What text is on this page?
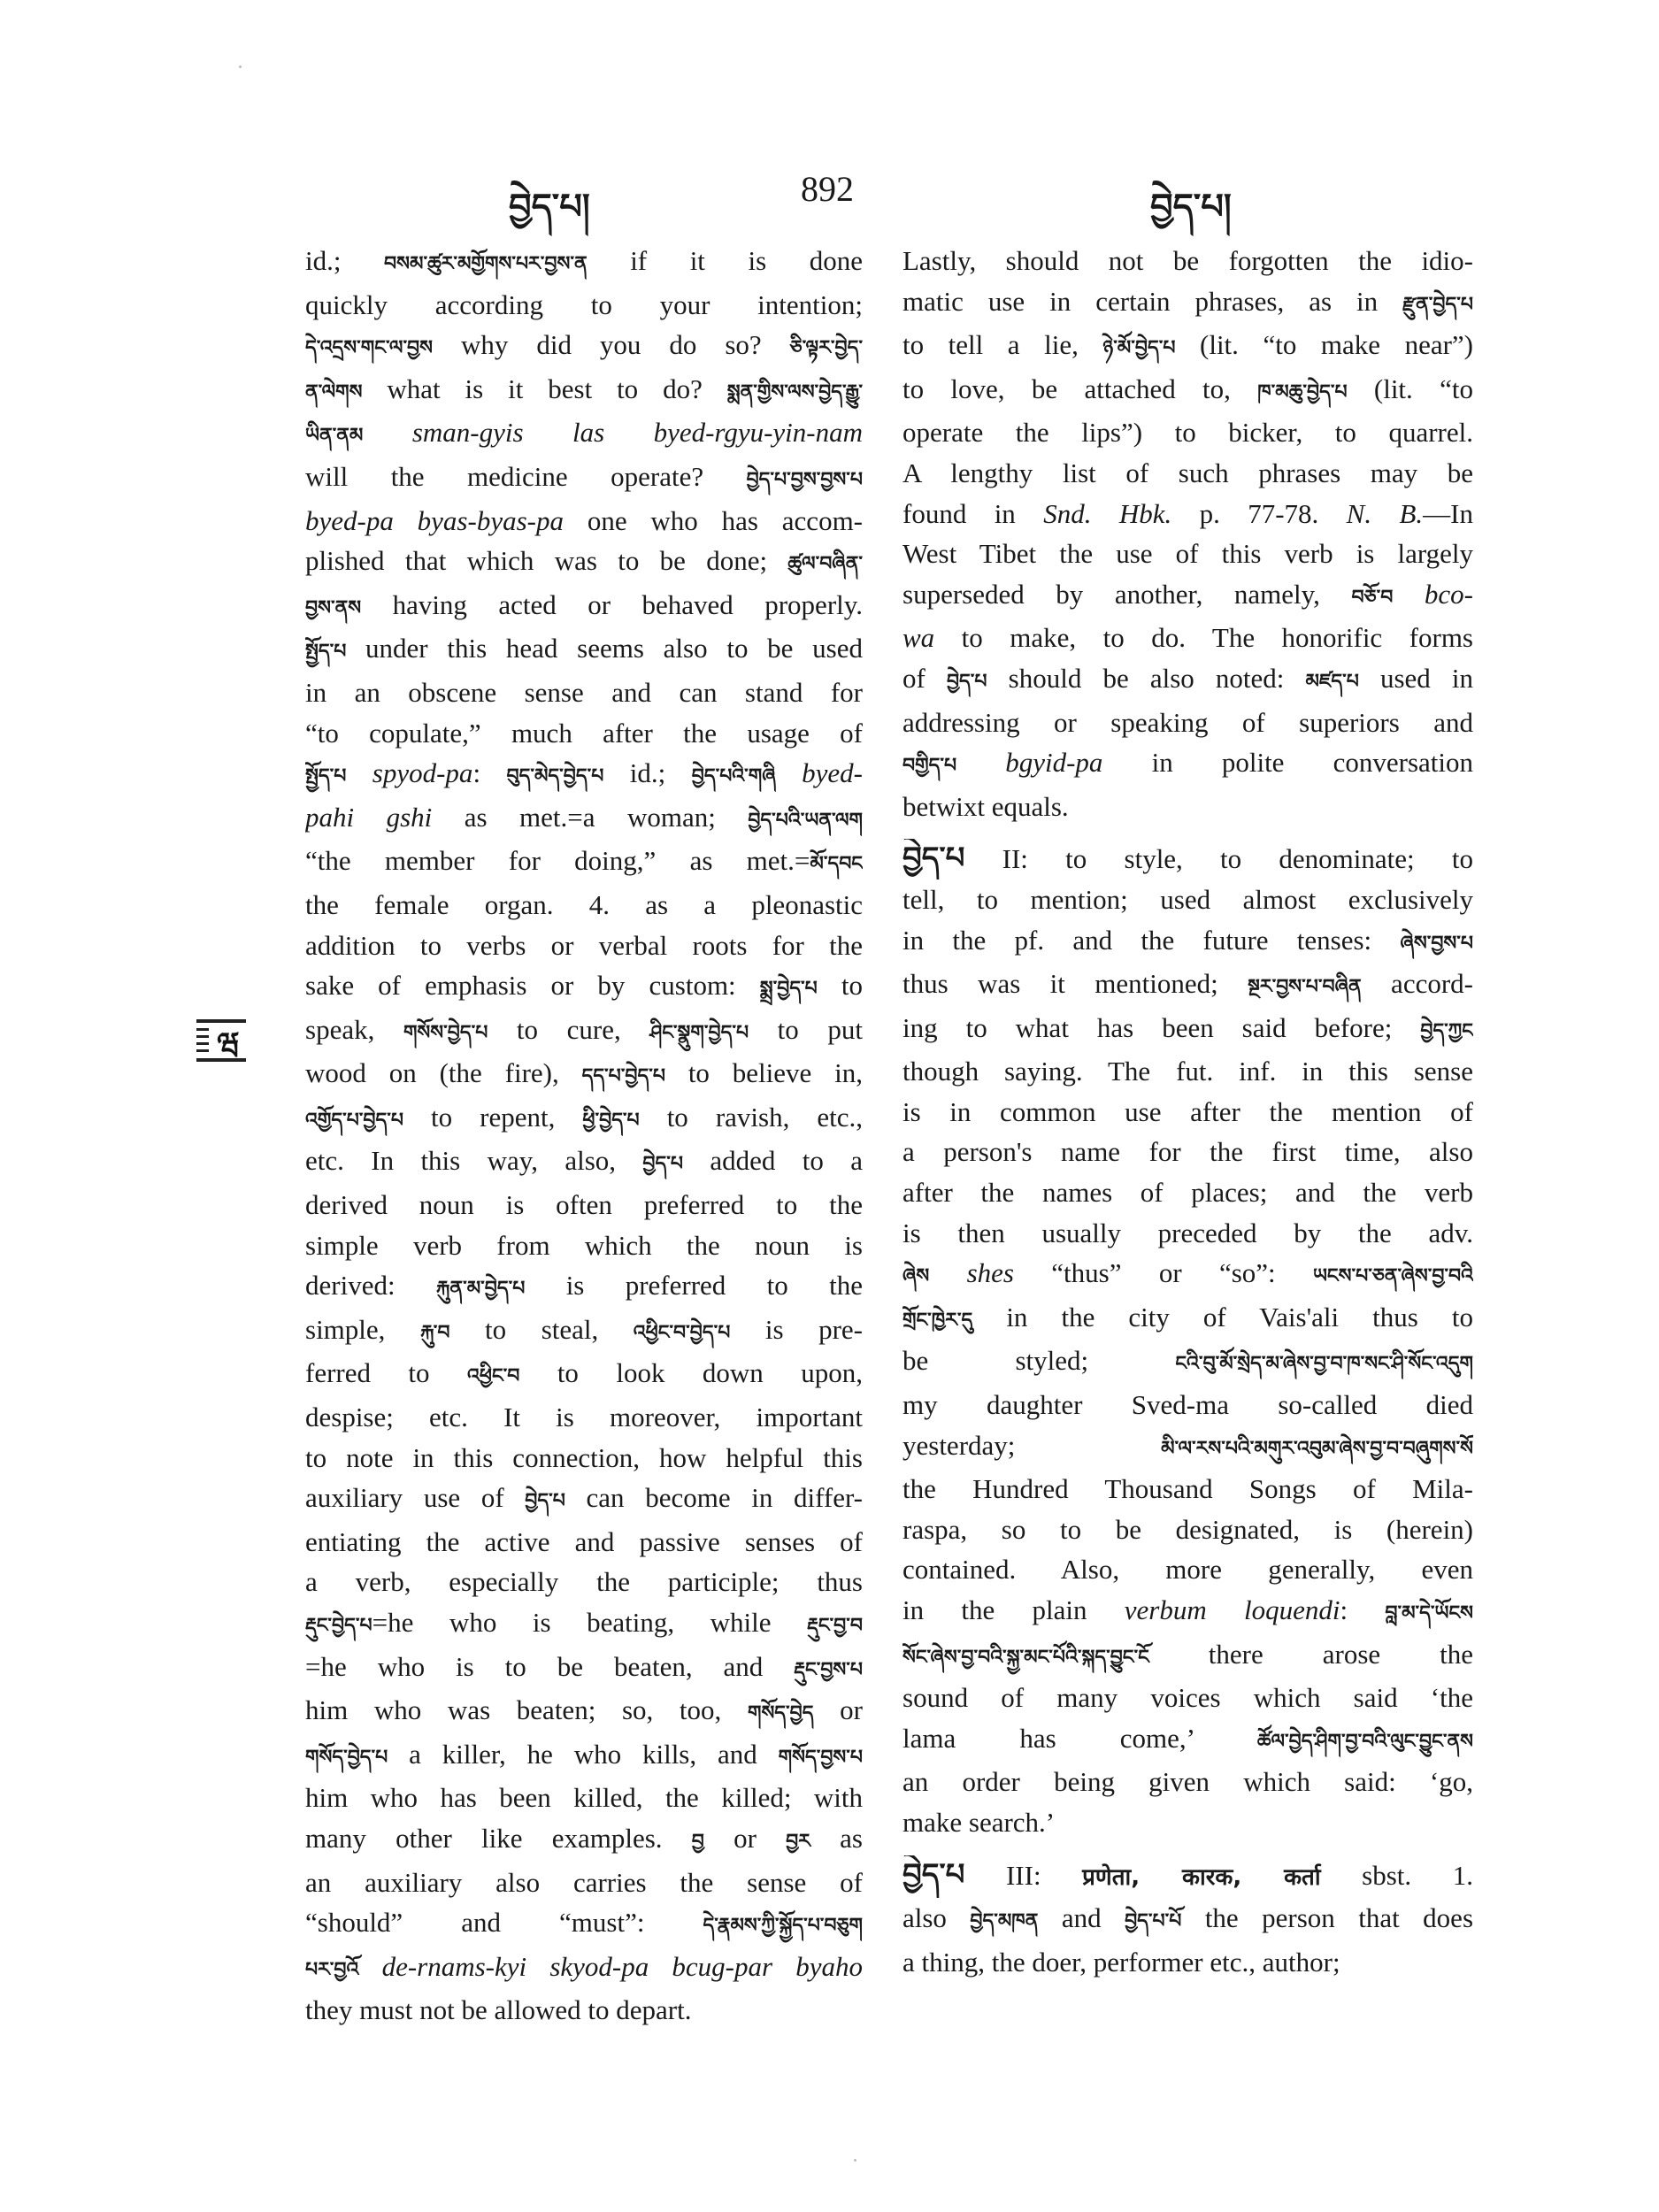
བྱེད་པ།	892	བྱེད་པ།
ཝ
id.; བསམ་ཚུར་མགྱོགས་པར་བྱས་ན if it is done
quickly according to your intention;
དེ་འདྲས་གང་ལ་བྱས why did you do so? ཅི་ལྟར་བྱེད་
ན་ལེགས what is it best to do? སྨན་གྱིས་ལས་བྱེད་རྒྱུ་
ཡིན་ནམ sman-gyis las byed-rgyu-yin-nam
will the medicine operate? བྱེད་པ་བྱས་བྱས་པ
byed-pa byas-byas-pa one who has accom-
plished that which was to be done; ཚུལ་བཞིན་
བྱས་ནས having acted or behaved properly.
སྤྱོད་པ under this head seems also to be used
in an obscene sense and can stand for
“to copulate,” much after the usage of
སྤྱོད་པ spyod-pa: བུད་མེད་བྱེད་པ id.; བྱེད་པའི་གཞི byed-
pahi gshi as met.=a woman; བྱེད་པའི་ཡན་ལག
“the member for doing,” as met.=མོ་དབང
the female organ. 4. as a pleonastic
addition to verbs or verbal roots for the
sake of emphasis or by custom: སྨྲ་བྱེད་པ to
speak, གསོས་བྱེད་པ to cure, ཤིང་སྣུག་བྱེད་པ to put
wood on (the fire), དད་པ་བྱེད་པ to believe in,
འགྱོད་པ་བྱེད་པ to repent, ཕྱི་བྱེད་པ to ravish, etc.,
etc. In this way, also, བྱེད་པ added to a
derived noun is often preferred to the
simple verb from which the noun is
derived: རྐུན་མ་བྱེད་པ is preferred to the
simple, རྐུ་བ to steal, འཕྱིང་བ་བྱེད་པ is pre-
ferred to འཕྱིང་བ to look down upon,
despise; etc. It is moreover, important
to note in this connection, how helpful this
auxiliary use of བྱེད་པ can become in differ-
entiating the active and passive senses of
a verb, especially the participle; thus
རྡུང་བྱེད་པ=he who is beating, while རྡུང་བྱ་བ
=he who is to be beaten, and རྡུང་བྱས་པ
him who was beaten; so, too, གསོད་བྱེད or
གསོད་བྱེད་པ a killer, he who kills, and གསོད་བྱས་པ
him who has been killed, the killed; with
many other like examples. བྱ or བྱར as
an auxiliary also carries the sense of
“should” and “must”: དེ་རྣམས་ཀྱི་སྐྱོད་པ་བཅུག
པར་བྱའོ de-rnams-kyi skyod-pa bcug-par byaho
they must not be allowed to depart.
Lastly, should not be forgotten the idio-
matic use in certain phrases, as in རྫུན་བྱེད་པ
to tell a lie, ཉེ་མོ་བྱེད་པ (lit. “to make near”)
to love, be attached to, ཁ་མཆུ་བྱེད་པ (lit. “to
operate the lips”) to bicker, to quarrel.
A lengthy list of such phrases may be
found in Snd. Hbk. p. 77-78. N. B.—In
West Tibet the use of this verb is largely
superseded by another, namely, བཅོ་བ bco-
wa to make, to do. The honorific forms
of བྱེད་པ should be also noted: མཛད་པ used in
addressing or speaking of superiors and
བགྱིད་པ bgyid-pa in polite conversation
betwixt equals.
བྱེད་པ II: to style, to denominate; to
tell, to mention; used almost exclusively
in the pf. and the future tenses: ཞེས་བྱས་པ
thus was it mentioned; སྔར་བྱས་པ་བཞིན accord-
ing to what has been said before; བྱེད་ཀྱང
though saying. The fut. inf. in this sense
is in common use after the mention of
a person's name for the first time, also
after the names of places; and the verb
is then usually preceded by the adv.
ཞེས shes “thus” or “so”: ཡངས་པ་ཅན་ཞེས་བྱ་བའི
གྲོང་ཁྱེར་དུ in the city of Vais'ali thus to
be styled; ངའི་བུ་མོ་སྲེད་མ་ཞེས་བྱ་བ་ཁ་སང་ཤི་སོང་འདུག
my daughter Sved-ma so-called died
yesterday; མི་ལ་རས་པའི་མགུར་འབུམ་ཞེས་བྱ་བ་བཞུགས་སོ
the Hundred Thousand Songs of Mila-
raspa, so to be designated, is (herein)
contained. Also, more generally, even
in the plain verbum loquendi: བླ་མ་དེ་ཡོངས
སོང་ཞེས་བྱ་བའི་སྐྱ་མང་པོའི་སྐད་བྱུང་ངོ there arose the
sound of many voices which said ‘the
lama has come,’ ཚོལ་བྱེད་ཤིག་བྱ་བའི་ལུང་བྱུང་ནས
an order being given which said: ‘go,
make search.’
བྱེད་པ III: प्रणेता, कारक, कर्ता sbst. 1.
also བྱེད་མཁན and བྱེད་པ་པོ the person that does
a thing, the doer, performer etc., author;
